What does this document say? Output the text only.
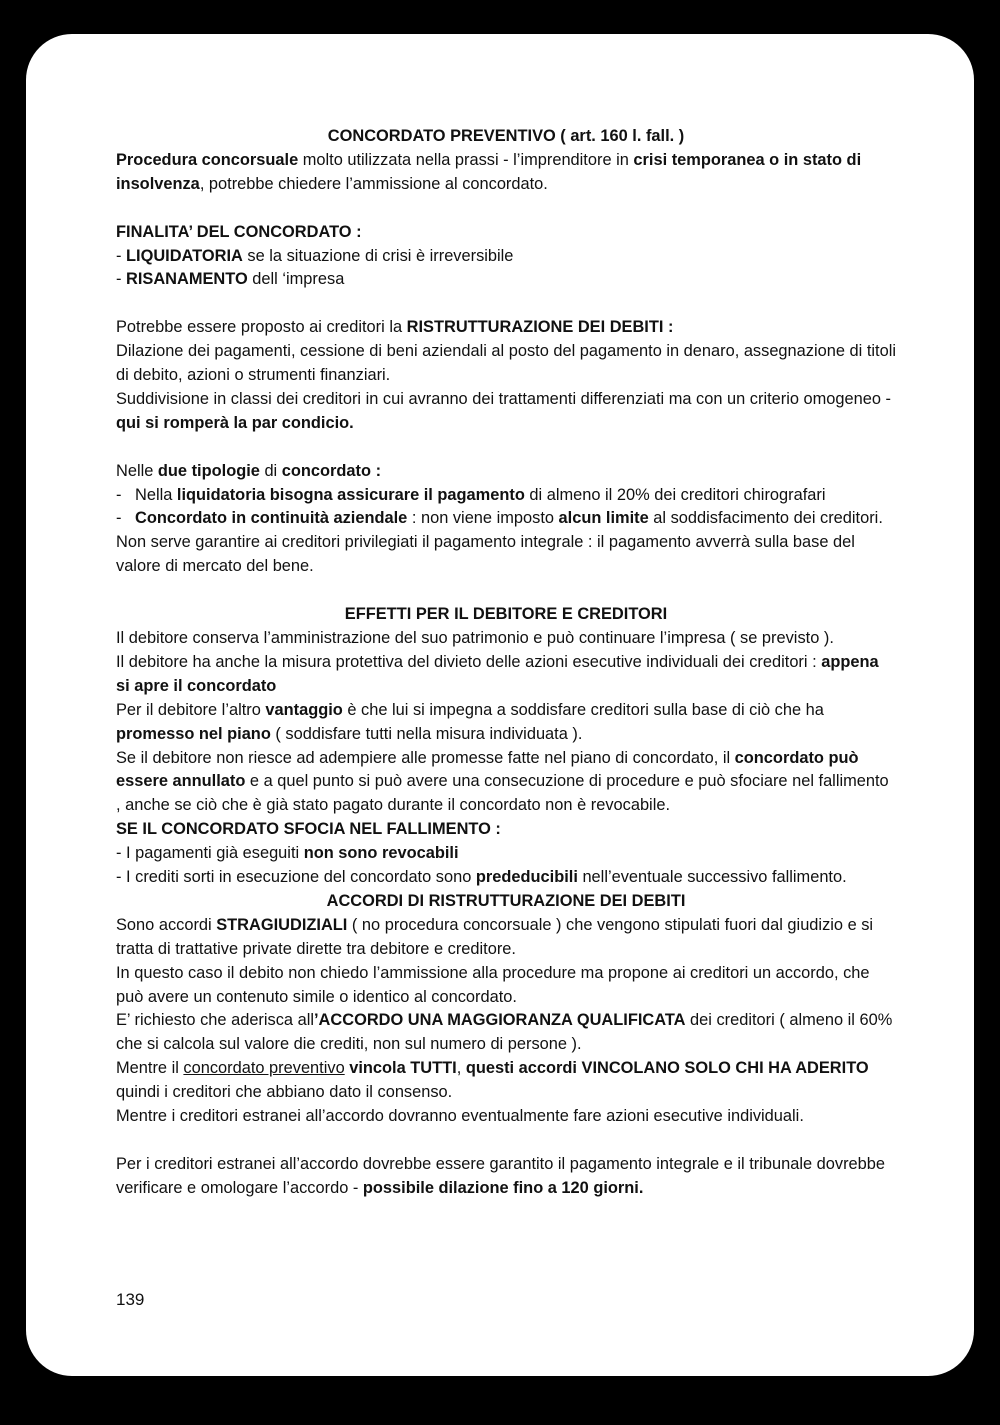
CONCORDATO PREVENTIVO ( art. 160 l. fall. )

Procedura concorsuale molto utilizzata nella prassi - l’imprenditore in crisi temporanea o in stato di insolvenza, potrebbe chiedere l’ammissione al concordato.

FINALITA’ DEL CONCORDATO :

- LIQUIDATORIA se la situazione di crisi è irreversibile

- RISANAMENTO dell ‘impresa

Potrebbe essere proposto ai creditori la RISTRUTTURAZIONE DEI DEBITI :

Dilazione dei pagamenti, cessione di beni aziendali al posto del pagamento in denaro, assegnazione di titoli di debito, azioni o strumenti finanziari.

Suddivisione in classi dei creditori in cui avranno dei trattamenti differenziati ma con un criterio omogeneo - qui si romperà la par condicio.

Nelle due tipologie di concordato :

- Nella liquidatoria bisogna assicurare il pagamento di almeno il 20% dei creditori chirografari

- Concordato in continuità aziendale : non viene imposto alcun limite al soddisfacimento dei creditori.

Non serve garantire ai creditori privilegiati il pagamento integrale : il pagamento avverrà sulla base del valore di mercato del bene.

EFFETTI PER IL DEBITORE E CREDITORI

Il debitore conserva l’amministrazione del suo patrimonio e può continuare l’impresa ( se previsto ).

Il debitore ha anche la misura protettiva del divieto delle azioni esecutive individuali dei creditori : appena si apre il concordato

Per il debitore l’altro vantaggio è che lui si impegna a soddisfare creditori sulla base di ciò che ha promesso nel piano ( soddisfare tutti nella misura individuata ).

Se il debitore non riesce ad adempiere alle promesse fatte nel piano di concordato, il concordato può essere annullato e a quel punto si può avere una consecuzione di procedure e può sfociare nel fallimento , anche se ciò che è già stato pagato durante il concordato non è revocabile.

SE IL CONCORDATO SFOCIA NEL FALLIMENTO :

- I pagamenti già eseguiti non sono revocabili

- I crediti sorti in esecuzione del concordato sono prededucibili nell’eventuale successivo fallimento.

ACCORDI DI RISTRUTTURAZIONE DEI DEBITI

Sono accordi STRAGIUDIZIALI ( no procedura concorsuale ) che vengono stipulati fuori dal giudizio e si tratta di trattative private dirette tra debitore e creditore.

In questo caso il debito non chiedo l’ammissione alla procedure ma propone ai creditori un accordo, che può avere un contenuto simile o identico al concordato.

E’ richiesto che aderisca all’ACCORDO UNA MAGGIORANZA QUALIFICATA dei creditori ( almeno il 60% che si calcola sul valore die crediti, non sul numero di persone ).

Mentre il concordato preventivo vincola TUTTI, questi accordi VINCOLANO SOLO CHI HA ADERITO quindi i creditori che abbiano dato il consenso.

Mentre i creditori estranei all’accordo dovranno eventualmente fare azioni esecutive individuali.

Per i creditori estranei all’accordo dovrebbe essere garantito il pagamento integrale e il tribunale dovrebbe verificare e omologare l’accordo - possibile dilazione fino a 120 giorni.

139
